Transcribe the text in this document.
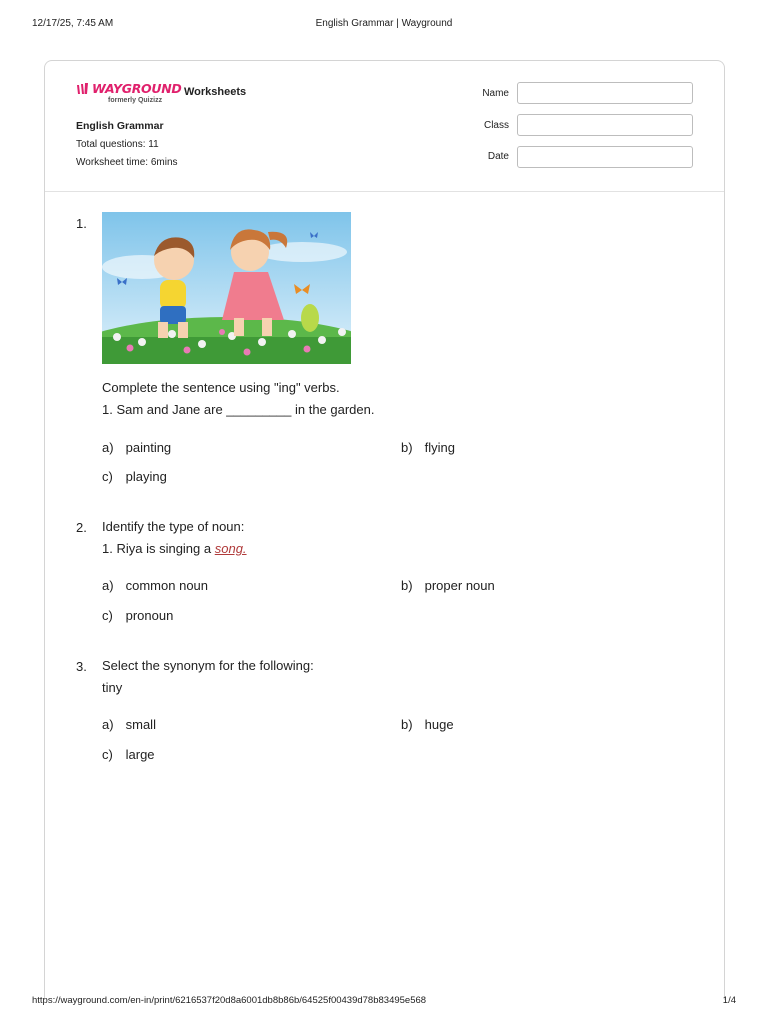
12/17/25, 7:45 AM	English Grammar | Wayground
WAYGROUND
formerly Quizizz
Worksheets
English Grammar
Total questions: 11
Worksheet time: 6mins
Name
Class
Date
1.
Complete the sentence using "ing" verbs.
1. Sam and Jane are _________ in the garden.
a) painting	b) flying
c) playing
2.	Identify the type of noun:
1. Riya is singing a song.
a) common noun	b) proper noun
c) pronoun
3.	Select the synonym for the following:
tiny
a) small	b) huge
c) large
https://wayground.com/en-in/print/6216537f20d8a6001db8b86b/64525f00439d78b83495e568	1/4
